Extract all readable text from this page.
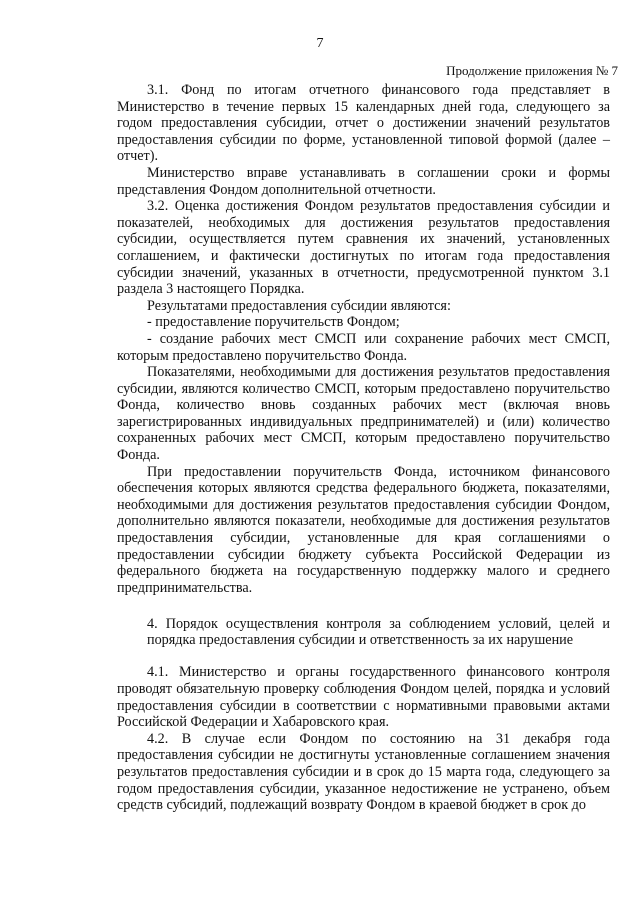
7
Продолжение приложения № 7

3.1. Фонд по итогам отчетного финансового года представляет в Министерство в течение первых 15 календарных дней года, следующего за годом предоставления субсидии, отчет о достижении значений результатов предоставления субсидии по форме, установленной типовой формой (далее – отчет).

Министерство вправе устанавливать в соглашении сроки и формы представления Фондом дополнительной отчетности.

3.2. Оценка достижения Фондом результатов предоставления субсидии и показателей, необходимых для достижения результатов предоставления субсидии, осуществляется путем сравнения их значений, установленных соглашением, и фактически достигнутых по итогам года предоставления субсидии значений, указанных в отчетности, предусмотренной пунктом 3.1 раздела 3 настоящего Порядка.

Результатами предоставления субсидии являются:

- предоставление поручительств Фондом;

- создание рабочих мест СМСП или сохранение рабочих мест СМСП, которым предоставлено поручительство Фонда.

Показателями, необходимыми для достижения результатов предоставления субсидии, являются количество СМСП, которым предоставлено поручительство Фонда, количество вновь созданных рабочих мест (включая вновь зарегистрированных индивидуальных предпринимателей) и (или) количество сохраненных рабочих мест СМСП, которым предоставлено поручительство Фонда.

При предоставлении поручительств Фонда, источником финансового обеспечения которых являются средства федерального бюджета, показателями, необходимыми для достижения результатов предоставления субсидии Фондом, дополнительно являются показатели, необходимые для достижения результатов предоставления субсидии, установленные для края соглашениями о предоставлении субсидии бюджету субъекта Российской Федерации из федерального бюджета на государственную поддержку малого и среднего предпринимательства.

4. Порядок осуществления контроля за соблюдением условий, целей и порядка предоставления субсидии и ответственность за их нарушение

4.1. Министерство и органы государственного финансового контроля проводят обязательную проверку соблюдения Фондом целей, порядка и условий предоставления субсидии в соответствии с нормативными правовыми актами Российской Федерации и Хабаровского края.

4.2. В случае если Фондом по состоянию на 31 декабря года предоставления субсидии не достигнуты установленные соглашением значения результатов предоставления субсидии и в срок до 15 марта года, следующего за годом предоставления субсидии, указанное недостижение не устранено, объем средств субсидий, подлежащий возврату Фондом в краевой бюджет в срок до
